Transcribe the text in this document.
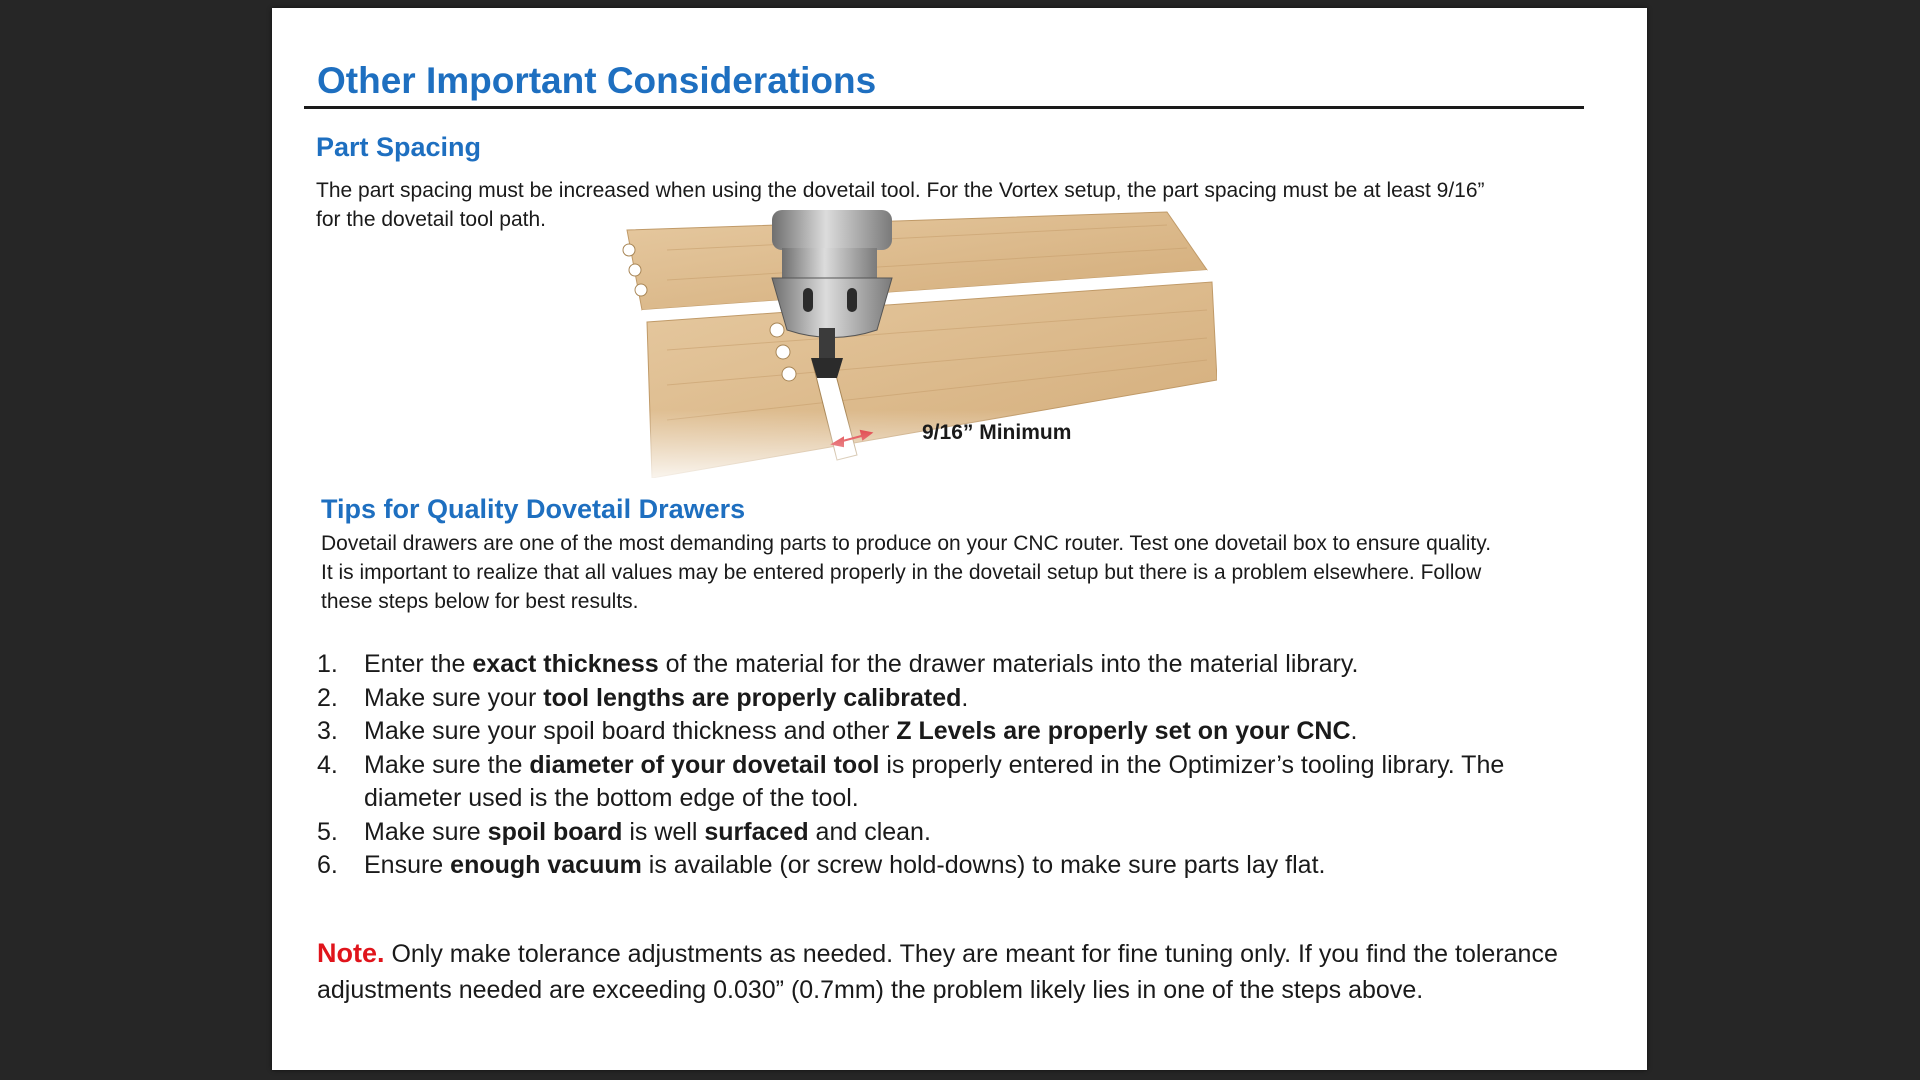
Other Important Considerations
Part Spacing

The part spacing must be increased when using the dovetail tool. For the Vortex setup, the part spacing must be at least 9/16”

for the dovetail tool path.

9/16” Minimum
Tips for Quality Dovetail Drawers

Dovetail drawers are one of the most demanding parts to produce on your CNC router. Test one dovetail box to ensure quality.

It is important to realize that all values may be entered properly in the dovetail setup but there is a problem elsewhere. Follow

these steps below for best results.

1.	Enter the exact thickness of the material for the drawer materials into the material library.
2.	Make sure your tool lengths are properly calibrated.
3.	Make sure your spoil board thickness and other Z Levels are properly set on your CNC.
4.	Make sure the diameter of your dovetail tool is properly entered in the Optimizer’s tooling library. The diameter used is the bottom edge of the tool.
5.	Make sure spoil board is well surfaced and clean.
6.	Ensure enough vacuum is available (or screw hold-downs) to make sure parts lay flat.

Note. Only make tolerance adjustments as needed. They are meant for fine tuning only. If you find the tolerance adjustments needed are exceeding 0.030” (0.7mm) the problem likely lies in one of the steps above.
